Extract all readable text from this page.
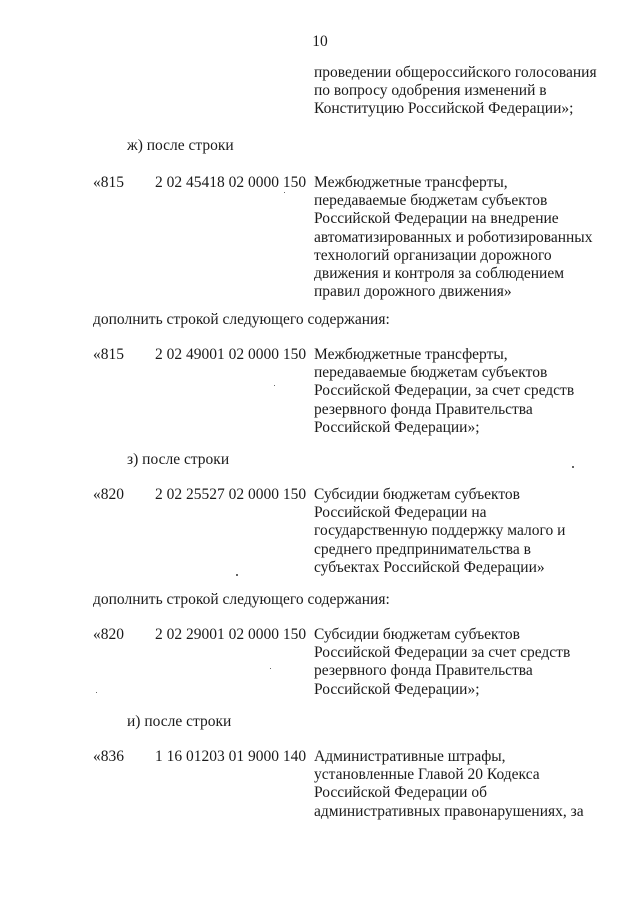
10
проведении общероссийского голосования
по вопросу одобрения изменений в
Конституцию Российской Федерации»;
ж) после строки
«815 2 02 45418 02 0000 150 Межбюджетные трансферты,
передаваемые бюджетам субъектов
Российской Федерации на внедрение
автоматизированных и роботизированных
технологий организации дорожного
движения и контроля за соблюдением
правил дорожного движения»
дополнить строкой следующего содержания:
«815 2 02 49001 02 0000 150 Межбюджетные трансферты,
передаваемые бюджетам субъектов
Российской Федерации, за счет средств
резервного фонда Правительства
Российской Федерации»;
з) после строки
«820 2 02 25527 02 0000 150 Субсидии бюджетам субъектов
Российской Федерации на
государственную поддержку малого и
среднего предпринимательства в
субъектах Российской Федерации»
дополнить строкой следующего содержания:
«820 2 02 29001 02 0000 150 Субсидии бюджетам субъектов
Российской Федерации за счет средств
резервного фонда Правительства
Российской Федерации»;
и) после строки
«836 1 16 01203 01 9000 140 Административные штрафы,
установленные Главой 20 Кодекса
Российской Федерации об
административных правонарушениях, за
